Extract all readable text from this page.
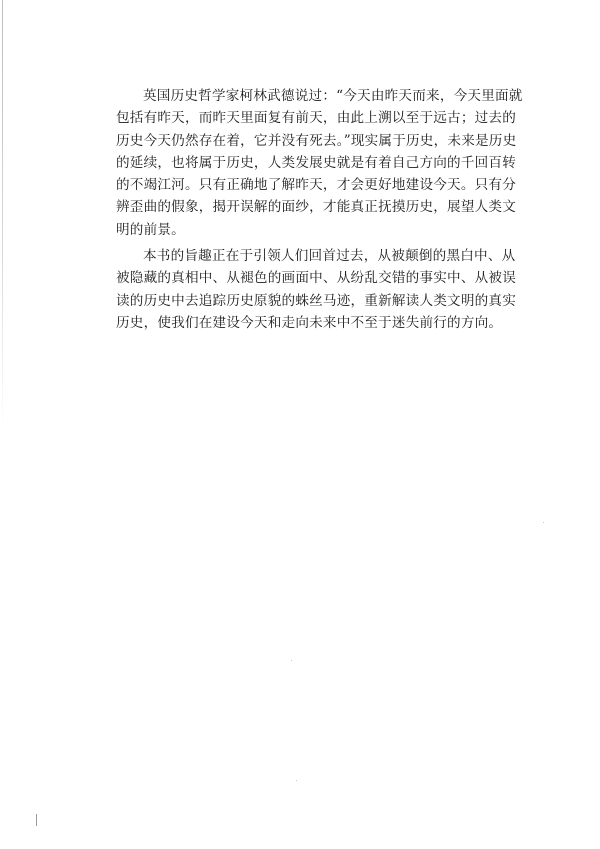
英国历史哲学家柯林武德说过：“今天由昨天而来，今天里面就
包括有昨天，而昨天里面复有前天，由此上溯以至于远古；过去的
历史今天仍然存在着，它并没有死去。”现实属于历史，未来是历史
的延续，也将属于历史，人类发展史就是有着自己方向的千回百转
的不竭江河。只有正确地了解昨天，才会更好地建设今天。只有分
辨歪曲的假象，揭开误解的面纱，才能真正抚摸历史，展望人类文
明的前景。
本书的旨趣正在于引领人们回首过去，从被颠倒的黑白中、从
被隐藏的真相中、从褪色的画面中、从纷乱交错的事实中、从被误
读的历史中去追踪历史原貌的蛛丝马迹，重新解读人类文明的真实
历史，使我们在建设今天和走向未来中不至于迷失前行的方向。
